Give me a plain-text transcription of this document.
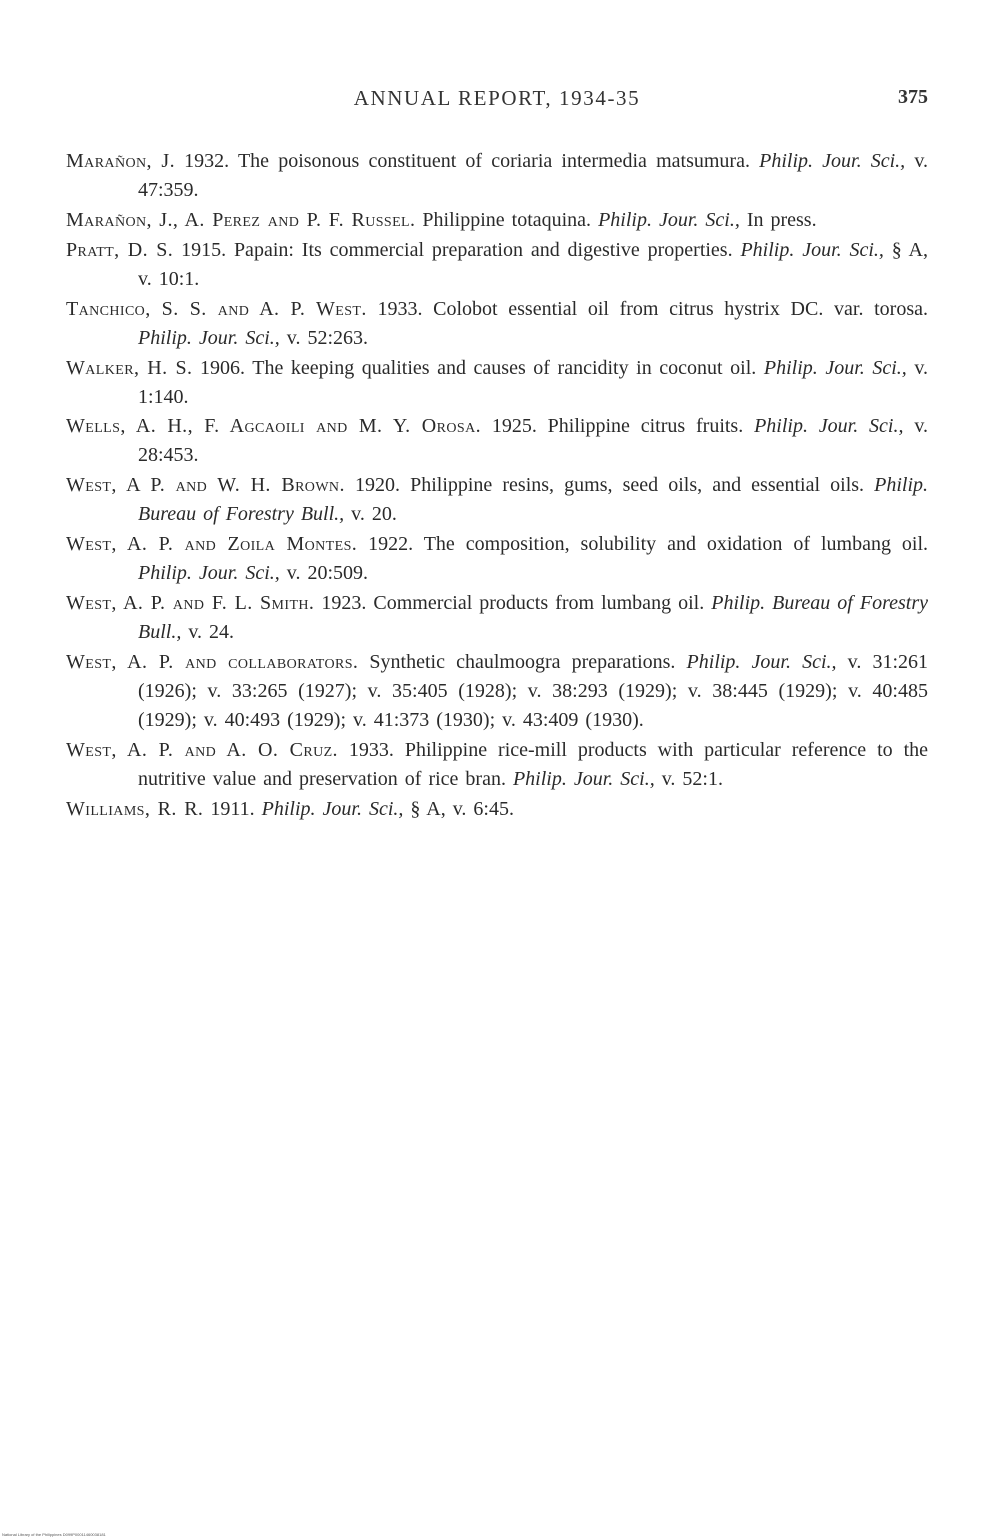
ANNUAL REPORT, 1934-35	375
Marañon, J. 1932. The poisonous constituent of coriaria intermedia matsumura. Philip. Jour. Sci., v. 47:359.
Marañon, J., A. Perez and P. F. Russel. Philippine totaquina. Philip. Jour. Sci., In press.
Pratt, D. S. 1915. Papain: Its commercial preparation and digestive properties. Philip. Jour. Sci., § A, v. 10:1.
Tanchico, S. S. and A. P. West. 1933. Colobot essential oil from citrus hystrix DC. var. torosa. Philip. Jour. Sci., v. 52:263.
Walker, H. S. 1906. The keeping qualities and causes of rancidity in coconut oil. Philip. Jour. Sci., v. 1:140.
Wells, A. H., F. Agcaoili and M. Y. Orosa. 1925. Philippine citrus fruits. Philip. Jour. Sci., v. 28:453.
West, A P. and W. H. Brown. 1920. Philippine resins, gums, seed oils, and essential oils. Philip. Bureau of Forestry Bull., v. 20.
West, A. P. and Zoila Montes. 1922. The composition, solubility and oxidation of lumbang oil. Philip. Jour. Sci., v. 20:509.
West, A. P. and F. L. Smith. 1923. Commercial products from lumbang oil. Philip. Bureau of Forestry Bull., v. 24.
West, A. P. and collaborators. Synthetic chaulmoogra preparations. Philip. Jour. Sci., v. 31:261 (1926); v. 33:265 (1927); v. 35:405 (1928); v. 38:293 (1929); v. 38:445 (1929); v. 40:485 (1929); v. 40:493 (1929); v. 41:373 (1930); v. 43:409 (1930).
West, A. P. and A. O. Cruz. 1933. Philippine rice-mill products with particular reference to the nutritive value and preservation of rice bran. Philip. Jour. Sci., v. 52:1.
Williams, R. R. 1911. Philip. Jour. Sci., § A, v. 6:45.
National Library of the Philippines D099P00011460038181
